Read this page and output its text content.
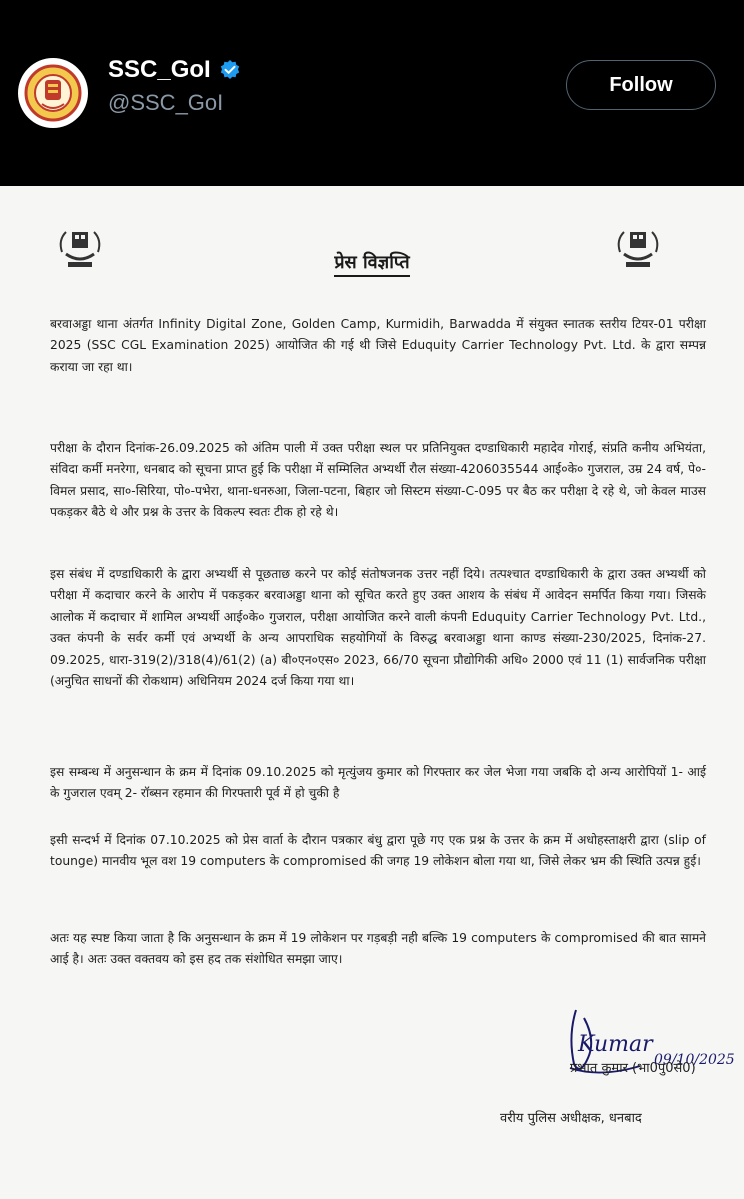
SSC_GoI
@SSC_GoI
Follow
प्रेस विज्ञप्ति

बरवाअड्डा थाना अंतर्गत Infinity Digital Zone, Golden Camp, Kurmidih, Barwadda में संयुक्त स्नातक स्तरीय टियर-01 परीक्षा 2025 (SSC CGL Examination 2025) आयोजित की गई थी जिसे Eduquity Carrier Technology Pvt. Ltd. के द्वारा सम्पन्न कराया जा रहा था।

परीक्षा के दौरान दिनांक-26.09.2025 को अंतिम पाली में उक्त परीक्षा स्थल पर प्रतिनियुक्त दण्डाधिकारी महादेव गोराई, संप्रति कनीय अभियंता, संविदा कर्मी मनरेगा, धनबाद को सूचना प्राप्त हुई कि परीक्षा में सम्मिलित अभ्यर्थी रौल संख्या-4206035544 आई०के० गुजराल, उम्र 24 वर्ष, पे०-विमल प्रसाद, सा०-सिरिया, पो०-पभेरा, थाना-धनरुआ, जिला-पटना, बिहार जो सिस्टम संख्या-C-095 पर बैठ कर परीक्षा दे रहे थे, जो केवल माउस पकड़कर बैठे थे और प्रश्न के उत्तर के विकल्प स्वतः टीक हो रहे थे।

इस संबंध में दण्डाधिकारी के द्वारा अभ्यर्थी से पूछताछ करने पर कोई संतोषजनक उत्तर नहीं दिये। तत्पश्चात दण्डाधिकारी के द्वारा उक्त अभ्यर्थी को परीक्षा में कदाचार करने के आरोप में पकड़कर बरवाअड्डा थाना को सूचित करते हुए उक्त आशय के संबंध में आवेदन समर्पित किया गया। जिसके आलोक में कदाचार में शामिल अभ्यर्थी आई०के० गुजराल, परीक्षा आयोजित करने वाली कंपनी Eduquity Carrier Technology Pvt. Ltd., उक्त कंपनी के सर्वर कर्मी एवं अभ्यर्थी के अन्य आपराधिक सहयोगियों के विरुद्ध बरवाअड्डा थाना काण्ड संख्या-230/2025, दिनांक-27. 09.2025, धारा-319(2)/318(4)/61(2) (a) बी०एन०एस० 2023, 66/70 सूचना प्रौद्योगिकी अधि० 2000 एवं 11 (1) सार्वजनिक परीक्षा (अनुचित साधनों की रोकथाम) अधिनियम 2024 दर्ज किया गया था।

इस सम्बन्ध में अनुसन्धान के क्रम में दिनांक 09.10.2025 को मृत्युंजय कुमार को गिरफ्तार कर जेल भेजा गया जबकि दो अन्य आरोपियों 1- आई के गुजराल एवम् 2- रॉब्सन रहमान की गिरफ्तारी पूर्व में हो चुकी है

इसी सन्दर्भ में दिनांक 07.10.2025 को प्रेस वार्ता के दौरान पत्रकार बंधु द्वारा पूछे गए एक प्रश्न के उत्तर के क्रम में अधोहस्ताक्षरी द्वारा (slip of tounge) मानवीय भूल वश 19 computers के compromised की जगह 19 लोकेशन बोला गया था, जिसे लेकर भ्रम की स्थिति उत्पन्न हुई।

अतः यह स्पष्ट किया जाता है कि अनुसन्धान के क्रम में 19 लोकेशन पर गड़बड़ी नही बल्कि 19 computers के compromised की बात सामने आई है। अतः उक्त वक्तवय को इस हद तक संशोधित समझा जाए।

Kumar
09/10/2025
प्रभात कुमार (भा0पु0से0)
वरीय पुलिस अधीक्षक, धनबाद
